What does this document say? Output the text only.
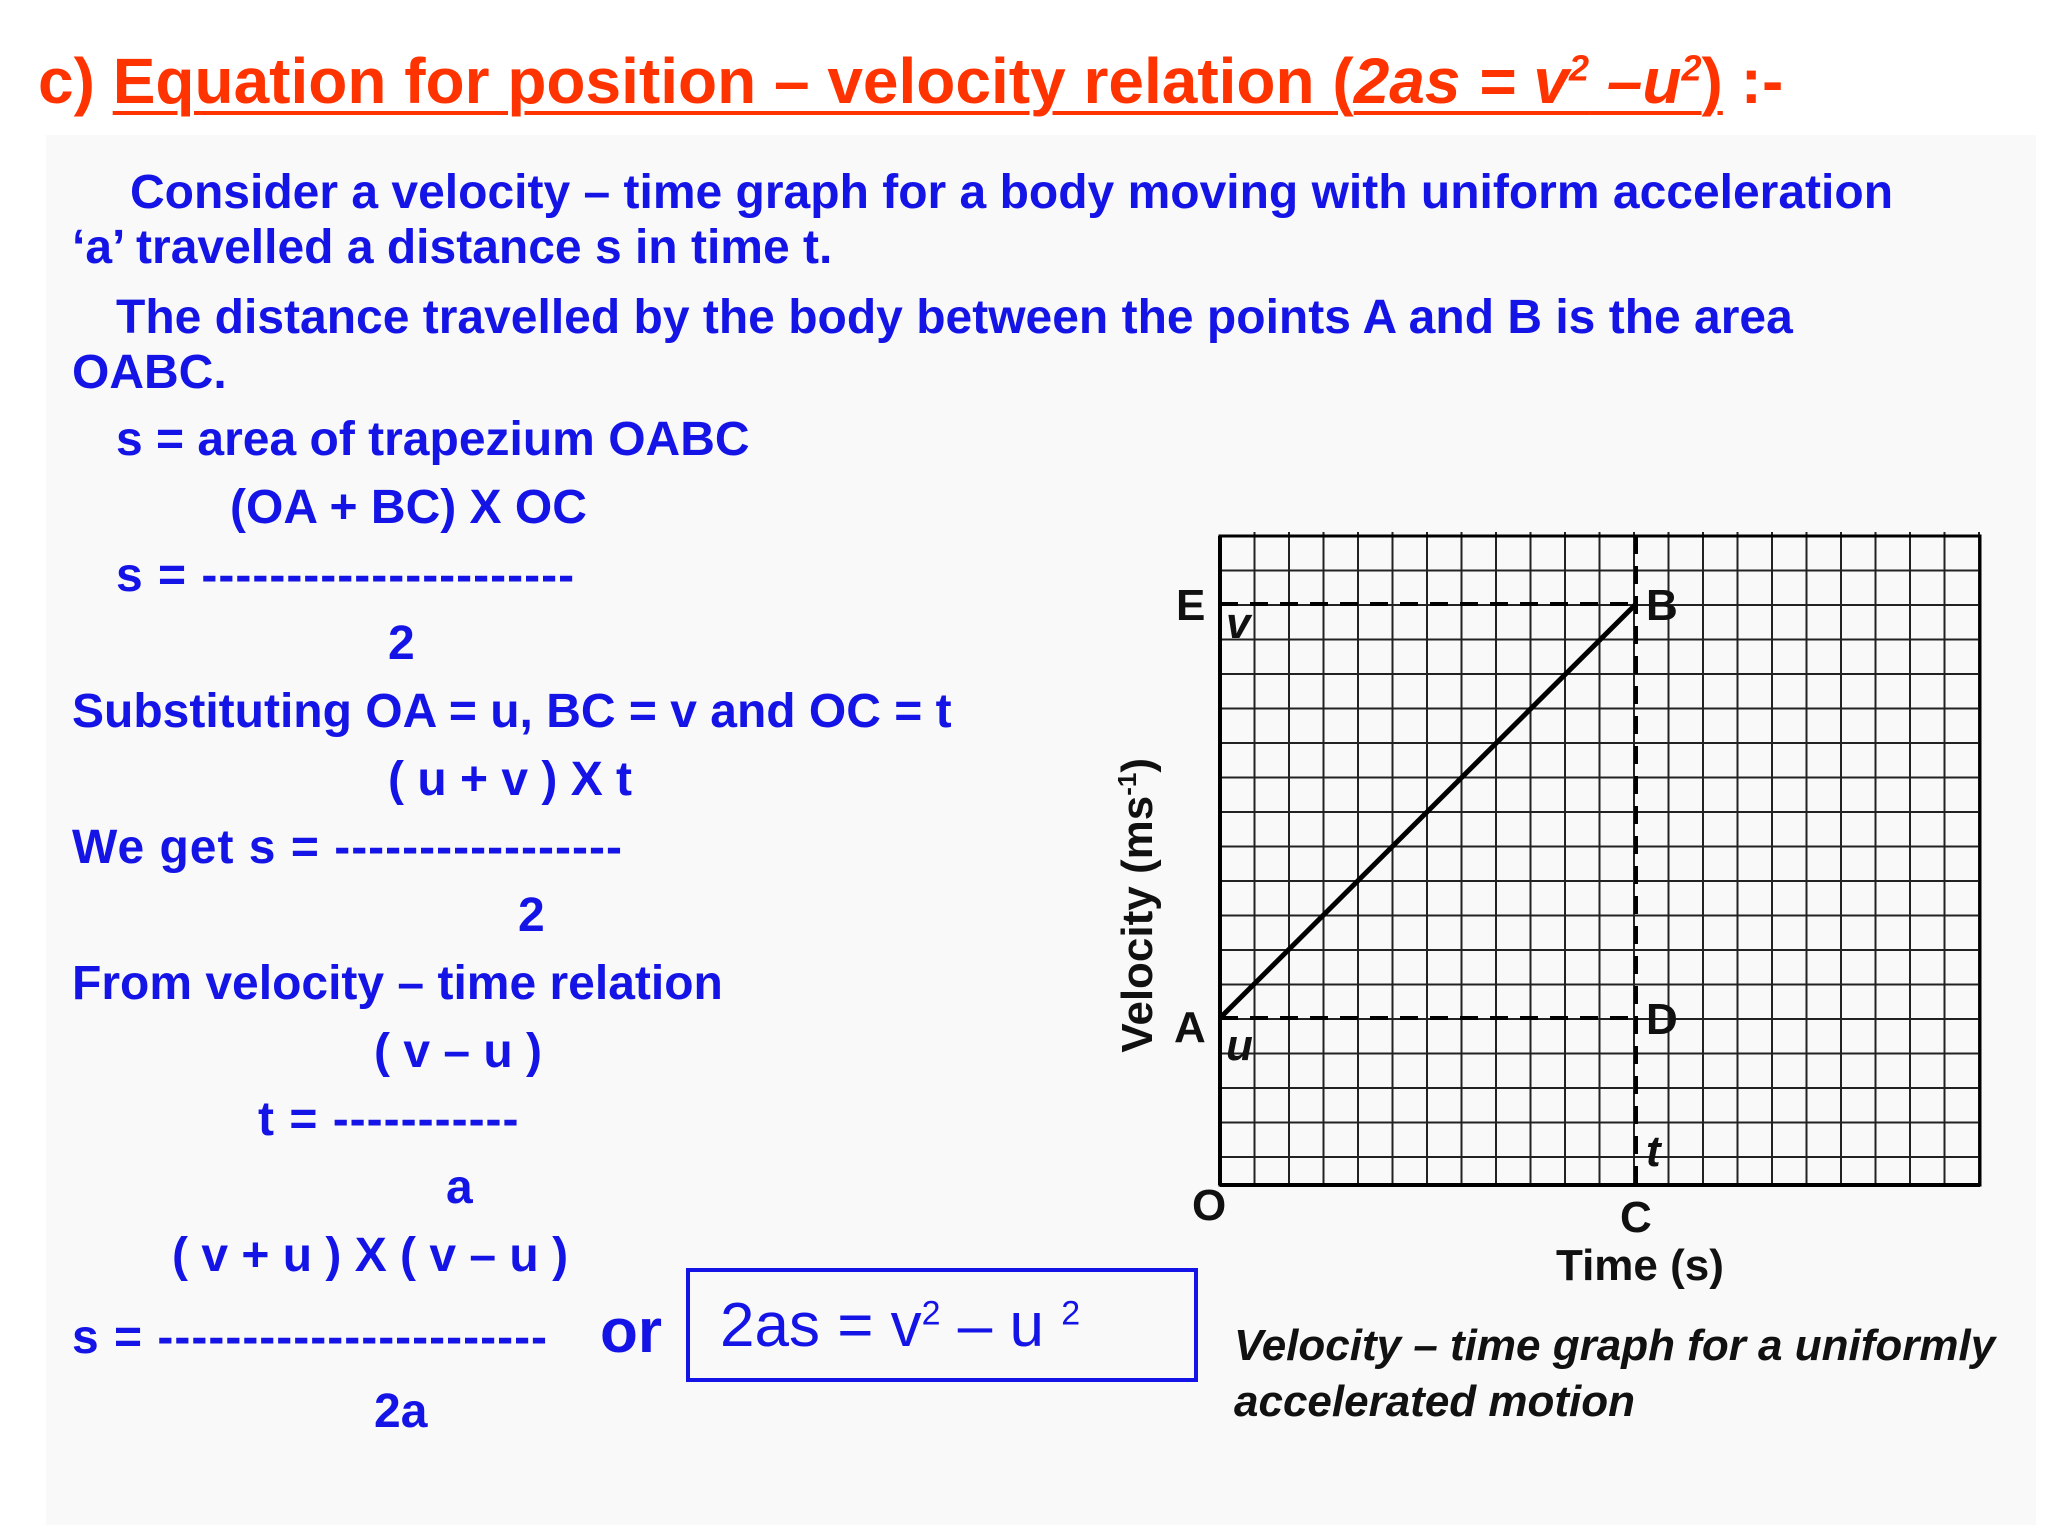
c) Equation for position – velocity relation ($2as = v^2$ $-u^2$) :-

Consider a velocity – time graph for a body moving with uniform acceleration

‘a’ travelled a distance s in time t.

The distance travelled by the body between the points A and B is the area

OABC.

s = area of trapezium OABC

(OA + BC) X OC

s = ----------------------

2

Substituting OA = u, BC = v and OC = t

( u + v ) X t

We get s = -----------------

2

From velocity – time relation

( v – u )

t = -----------

a

( v + u ) X ( v – u )

s = ----------------------- or

2a

$2as = v^2 - u$ $^2$

Velocity $(ms^{-1})$
E v	B
A u
D
t
O	C
Time (s)

Velocity – time graph for a uniformly
accelerated motion
